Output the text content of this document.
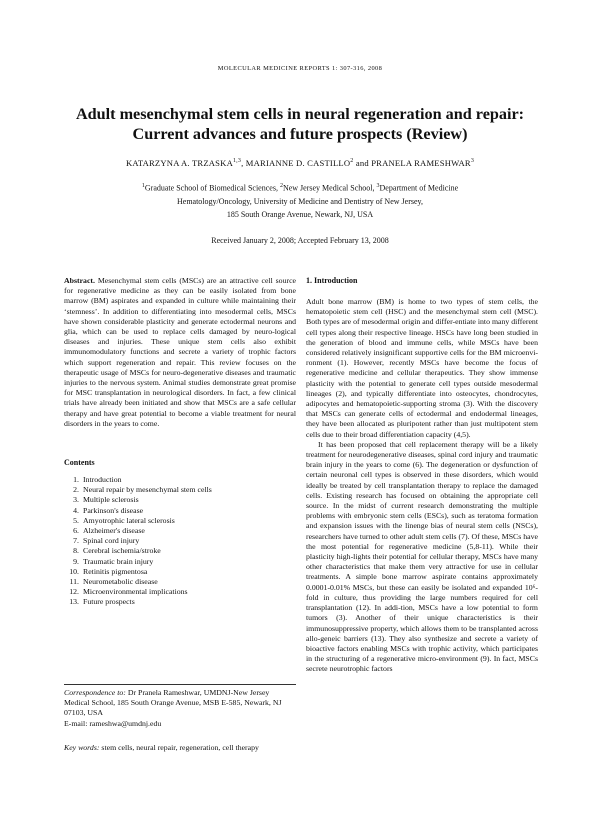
MOLECULAR MEDICINE REPORTS 1: 307-316, 2008
Adult mesenchymal stem cells in neural regeneration and repair: Current advances and future prospects (Review)
KATARZYNA A. TRZASKA$^{1,3}$, MARIANNE D. CASTILLO$^2$ and PRANELA RAMESHWAR$^3$
$^1$Graduate School of Biomedical Sciences, $^2$New Jersey Medical School, $^3$Department of Medicine
Hematology/Oncology, University of Medicine and Dentistry of New Jersey,
185 South Orange Avenue, Newark, NJ, USA
Received January 2, 2008; Accepted February 13, 2008
Abstract. Mesenchymal stem cells (MSCs) are an attractive cell source for regenerative medicine as they can be easily isolated from bone marrow (BM) aspirates and expanded in culture while maintaining their ‘stemness’. In addition to differentiating into mesodermal cells, MSCs have shown considerable plasticity and generate ectodermal neurons and glia, which can be used to replace cells damaged by neuro-logical diseases and injuries. These unique stem cells also exhibit immunomodulatory functions and secrete a variety of trophic factors which support regeneration and repair. This review focuses on the therapeutic usage of MSCs for neuro-degenerative diseases and traumatic injuries to the nervous system. Animal studies demonstrate great promise for MSC transplantation in neurological disorders. In fact, a few clinical trials have already been initiated and show that MSCs are a safe cellular therapy and have great potential to become a viable treatment for neural disorders in the years to come.
Contents
1. Introduction
2. Neural repair by mesenchymal stem cells
3. Multiple sclerosis
4. Parkinson's disease
5. Amyotrophic lateral sclerosis
6. Alzheimer's disease
7. Spinal cord injury
8. Cerebral ischemia/stroke
9. Traumatic brain injury
10. Retinitis pigmentosa
11. Neurometabolic disease
12. Microenvironmental implications
13. Future prospects
Correspondence to: Dr Pranela Rameshwar, UMDNJ-New Jersey Medical School, 185 South Orange Avenue, MSB E-585, Newark, NJ 07103, USA
E-mail: rameshwa@umdnj.edu
Key words: stem cells, neural repair, regeneration, cell therapy
1. Introduction

Adult bone marrow (BM) is home to two types of stem cells, the hematopoietic stem cell (HSC) and the mesenchymal stem cell (MSC). Both types are of mesodermal origin and differ-entiate into many different cell types along their respective lineage. HSCs have long been studied in the generation of blood and immune cells, while MSCs have been considered relatively insignificant supportive cells for the BM microenvi-ronment (1). However, recently MSCs have become the focus of regenerative medicine and cellular therapeutics. They show immense plasticity with the potential to generate cell types outside mesodermal lineages (2), and typically differentiate into osteocytes, chondrocytes, adipocytes and hematopoietic-supporting stroma (3). With the discovery that MSCs can generate cells of ectodermal and endodermal lineages, they have been allocated as pluripotent rather than just multipotent stem cells due to their broad differentiation capacity (4,5).

It has been proposed that cell replacement therapy will be a likely treatment for neurodegenerative diseases, spinal cord injury and traumatic brain injury in the years to come (6). The degeneration or dysfunction of certain neuronal cell types is observed in these disorders, which would ideally be treated by cell transplantation therapy to replace the damaged cells. Existing research has focused on obtaining the appropriate cell source. In the midst of current research demonstrating the multiple problems with embryonic stem cells (ESCs), such as teratoma formation and expansion issues with the linenge bias of neural stem cells (NSCs), researchers have turned to other adult stem cells (7). Of these, MSCs have the most potential for regenerative medicine (5,8-11). While their plasticity high-lights their potential for cellular therapy, MSCs have many other characteristics that make them very attractive for use in cellular treatments. A simple bone marrow aspirate contains approximately 0.0001-0.01% MSCs, but these can easily be isolated and expanded 10⁶-fold in culture, thus providing the large numbers required for cell transplantation (12). In addi-tion, MSCs have a low potential to form tumors (3). Another of their unique characteristics is their immunosuppressive property, which allows them to be transplanted across allo-geneic barriers (13). They also synthesize and secrete a variety of bioactive factors enabling MSCs with trophic activity, which participates in the structuring of a regenerative micro-environment (9). In fact, MSCs secrete neurotrophic factors
